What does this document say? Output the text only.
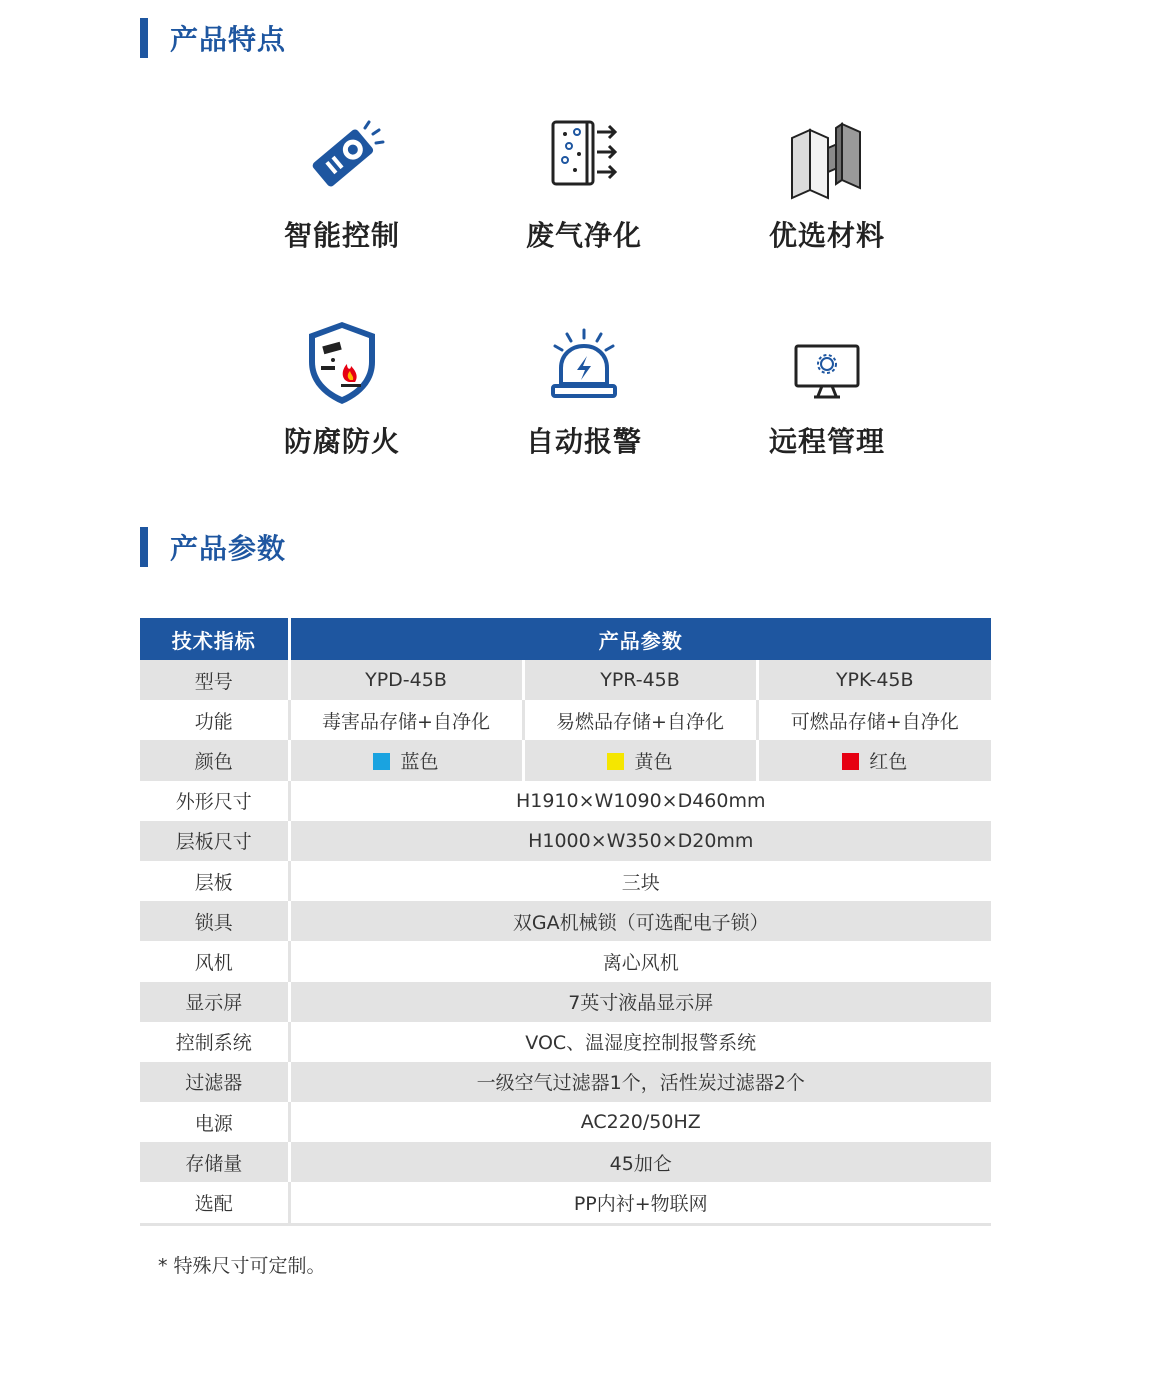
产品特点
智能控制	废气净化	优选材料
防腐防火	自动报警	远程管理
产品参数
技术指标	产品参数		
型号	YPD-45B	YPR-45B	YPK-45B
功能	毒害品存储+自净化	易燃品存储+自净化	可燃品存储+自净化
颜色	蓝色	黄色	红色
外形尺寸	H1910×W1090×D460mm		
层板尺寸	H1000×W350×D20mm		
层板	三块		
锁具	双GA机械锁（可选配电子锁）		
风机	离心风机		
显示屏	7英寸液晶显示屏		
控制系统	VOC、温湿度控制报警系统		
过滤器	一级空气过滤器1个，活性炭过滤器2个		
电源	AC220/50HZ		
存储量	45加仑		
选配	PP内衬+物联网		
* 特殊尺寸可定制。
